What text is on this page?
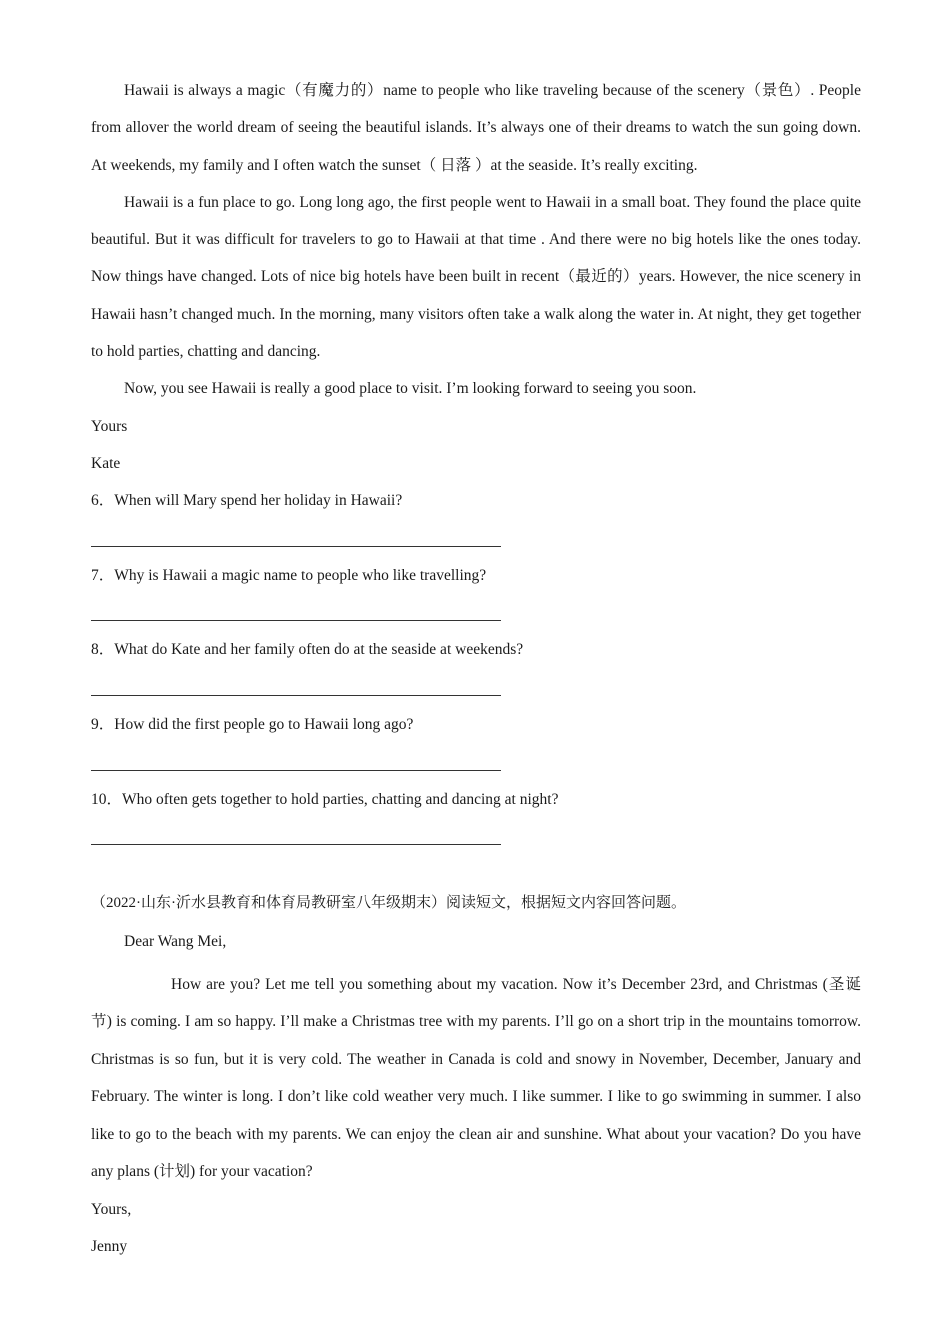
Hawaii is always a magic（有魔力的）name to people who like traveling because of the scenery（景色）. People from allover the world dream of seeing the beautiful islands. It’s always one of their dreams to watch the sun going down. At weekends, my family and I often watch the sunset（ 日落 ）at the seaside. It’s really exciting.

Hawaii is a fun place to go. Long long ago, the first people went to Hawaii in a small boat. They found the place quite beautiful. But it was difficult for travelers to go to Hawaii at that time . And there were no big hotels like the ones today. Now things have changed. Lots of nice big hotels have been built in recent（最近的）years. However, the nice scenery in Hawaii hasn’t changed much. In the morning, many visitors often take a walk along the water in. At night, they get together to hold parties, chatting and dancing.

Now, you see Hawaii is really a good place to visit. I’m looking forward to seeing you soon.

Yours

Kate

6．When will Mary spend her holiday in Hawaii?

7．Why is Hawaii a magic name to people who like travelling?

8．What do Kate and her family often do at the seaside at weekends?

9．How did the first people go to Hawaii long ago?

10．Who often gets together to hold parties, chatting and dancing at night?

（2022·山东·沂水县教育和体育局教研室八年级期末）阅读短文，根据短文内容回答问题。

Dear Wang Mei,

How are you? Let me tell you something about my vacation. Now it’s December 23rd, and Christmas (圣诞节) is coming. I am so happy. I’ll make a Christmas tree with my parents. I’ll go on a short trip in the mountains tomorrow. Christmas is so fun, but it is very cold. The weather in Canada is cold and snowy in November, December, January and February. The winter is long. I don’t like cold weather very much. I like summer. I like to go swimming in summer. I also like to go to the beach with my parents. We can enjoy the clean air and sunshine. What about your vacation? Do you have any plans (计划) for your vacation?

Yours,

Jenny
